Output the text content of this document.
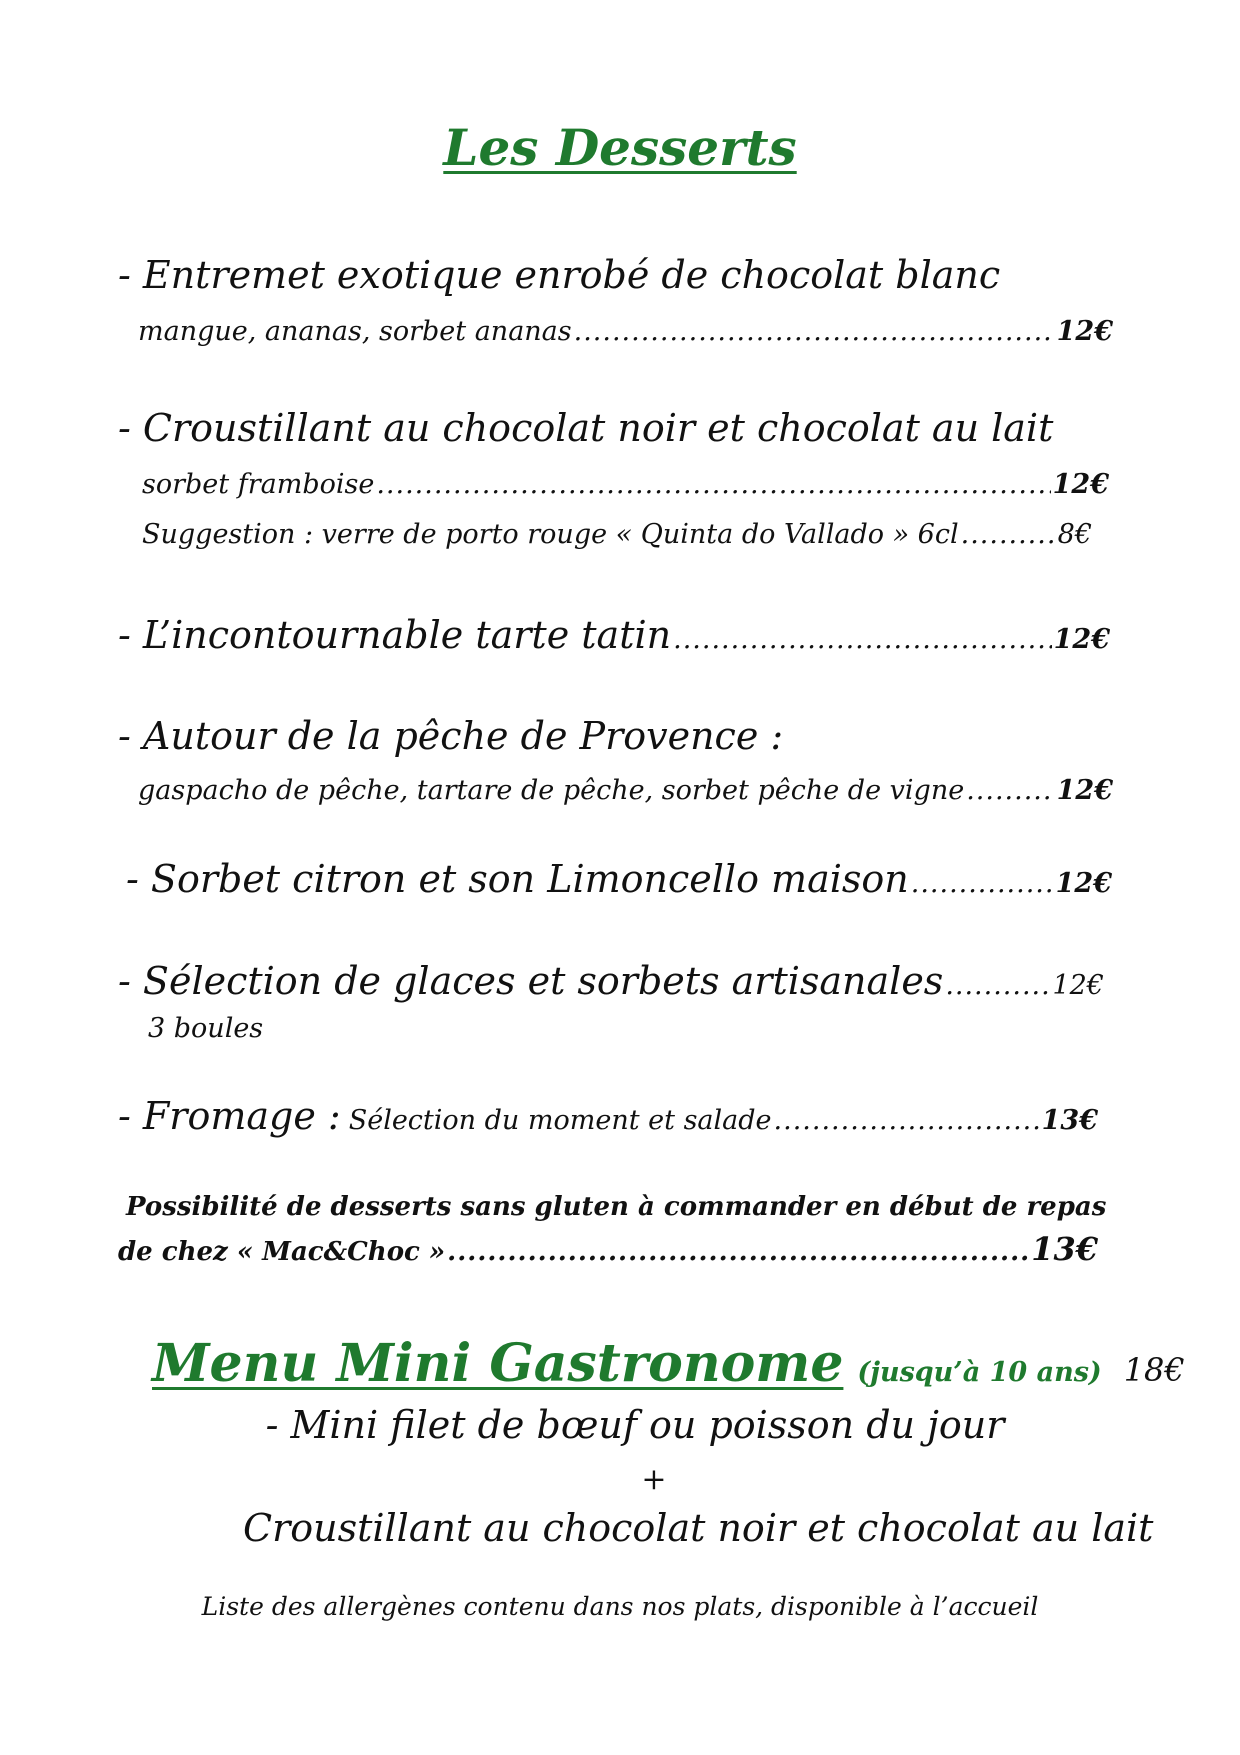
Les Desserts
- Entremet exotique enrobé de chocolat blanc
mangue, ananas, sorbet ananas .....	12€
- Croustillant au chocolat noir et chocolat au lait
sorbet framboise .....	12€
Suggestion : verre de porto rouge « Quinta do Vallado » 6cl .....	8€
- L’incontournable tarte tatin .....	12€
- Autour de la pêche de Provence :
gaspacho de pêche, tartare de pêche, sorbet pêche de vigne .....	12€
- Sorbet citron et son Limoncello maison .....	12€
- Sélection de glaces et sorbets artisanales .....	12€
3 boules
- Fromage : Sélection du moment et salade .....	13€
Possibilité de desserts sans gluten à commander en début de repas
de chez « Mac&Choc » .....	13€
Menu Mini Gastronome (jusqu’à 10 ans) 18€
- Mini filet de bœuf ou poisson du jour
+
Croustillant au chocolat noir et chocolat au lait
Liste des allergènes contenu dans nos plats, disponible à l’accueil
